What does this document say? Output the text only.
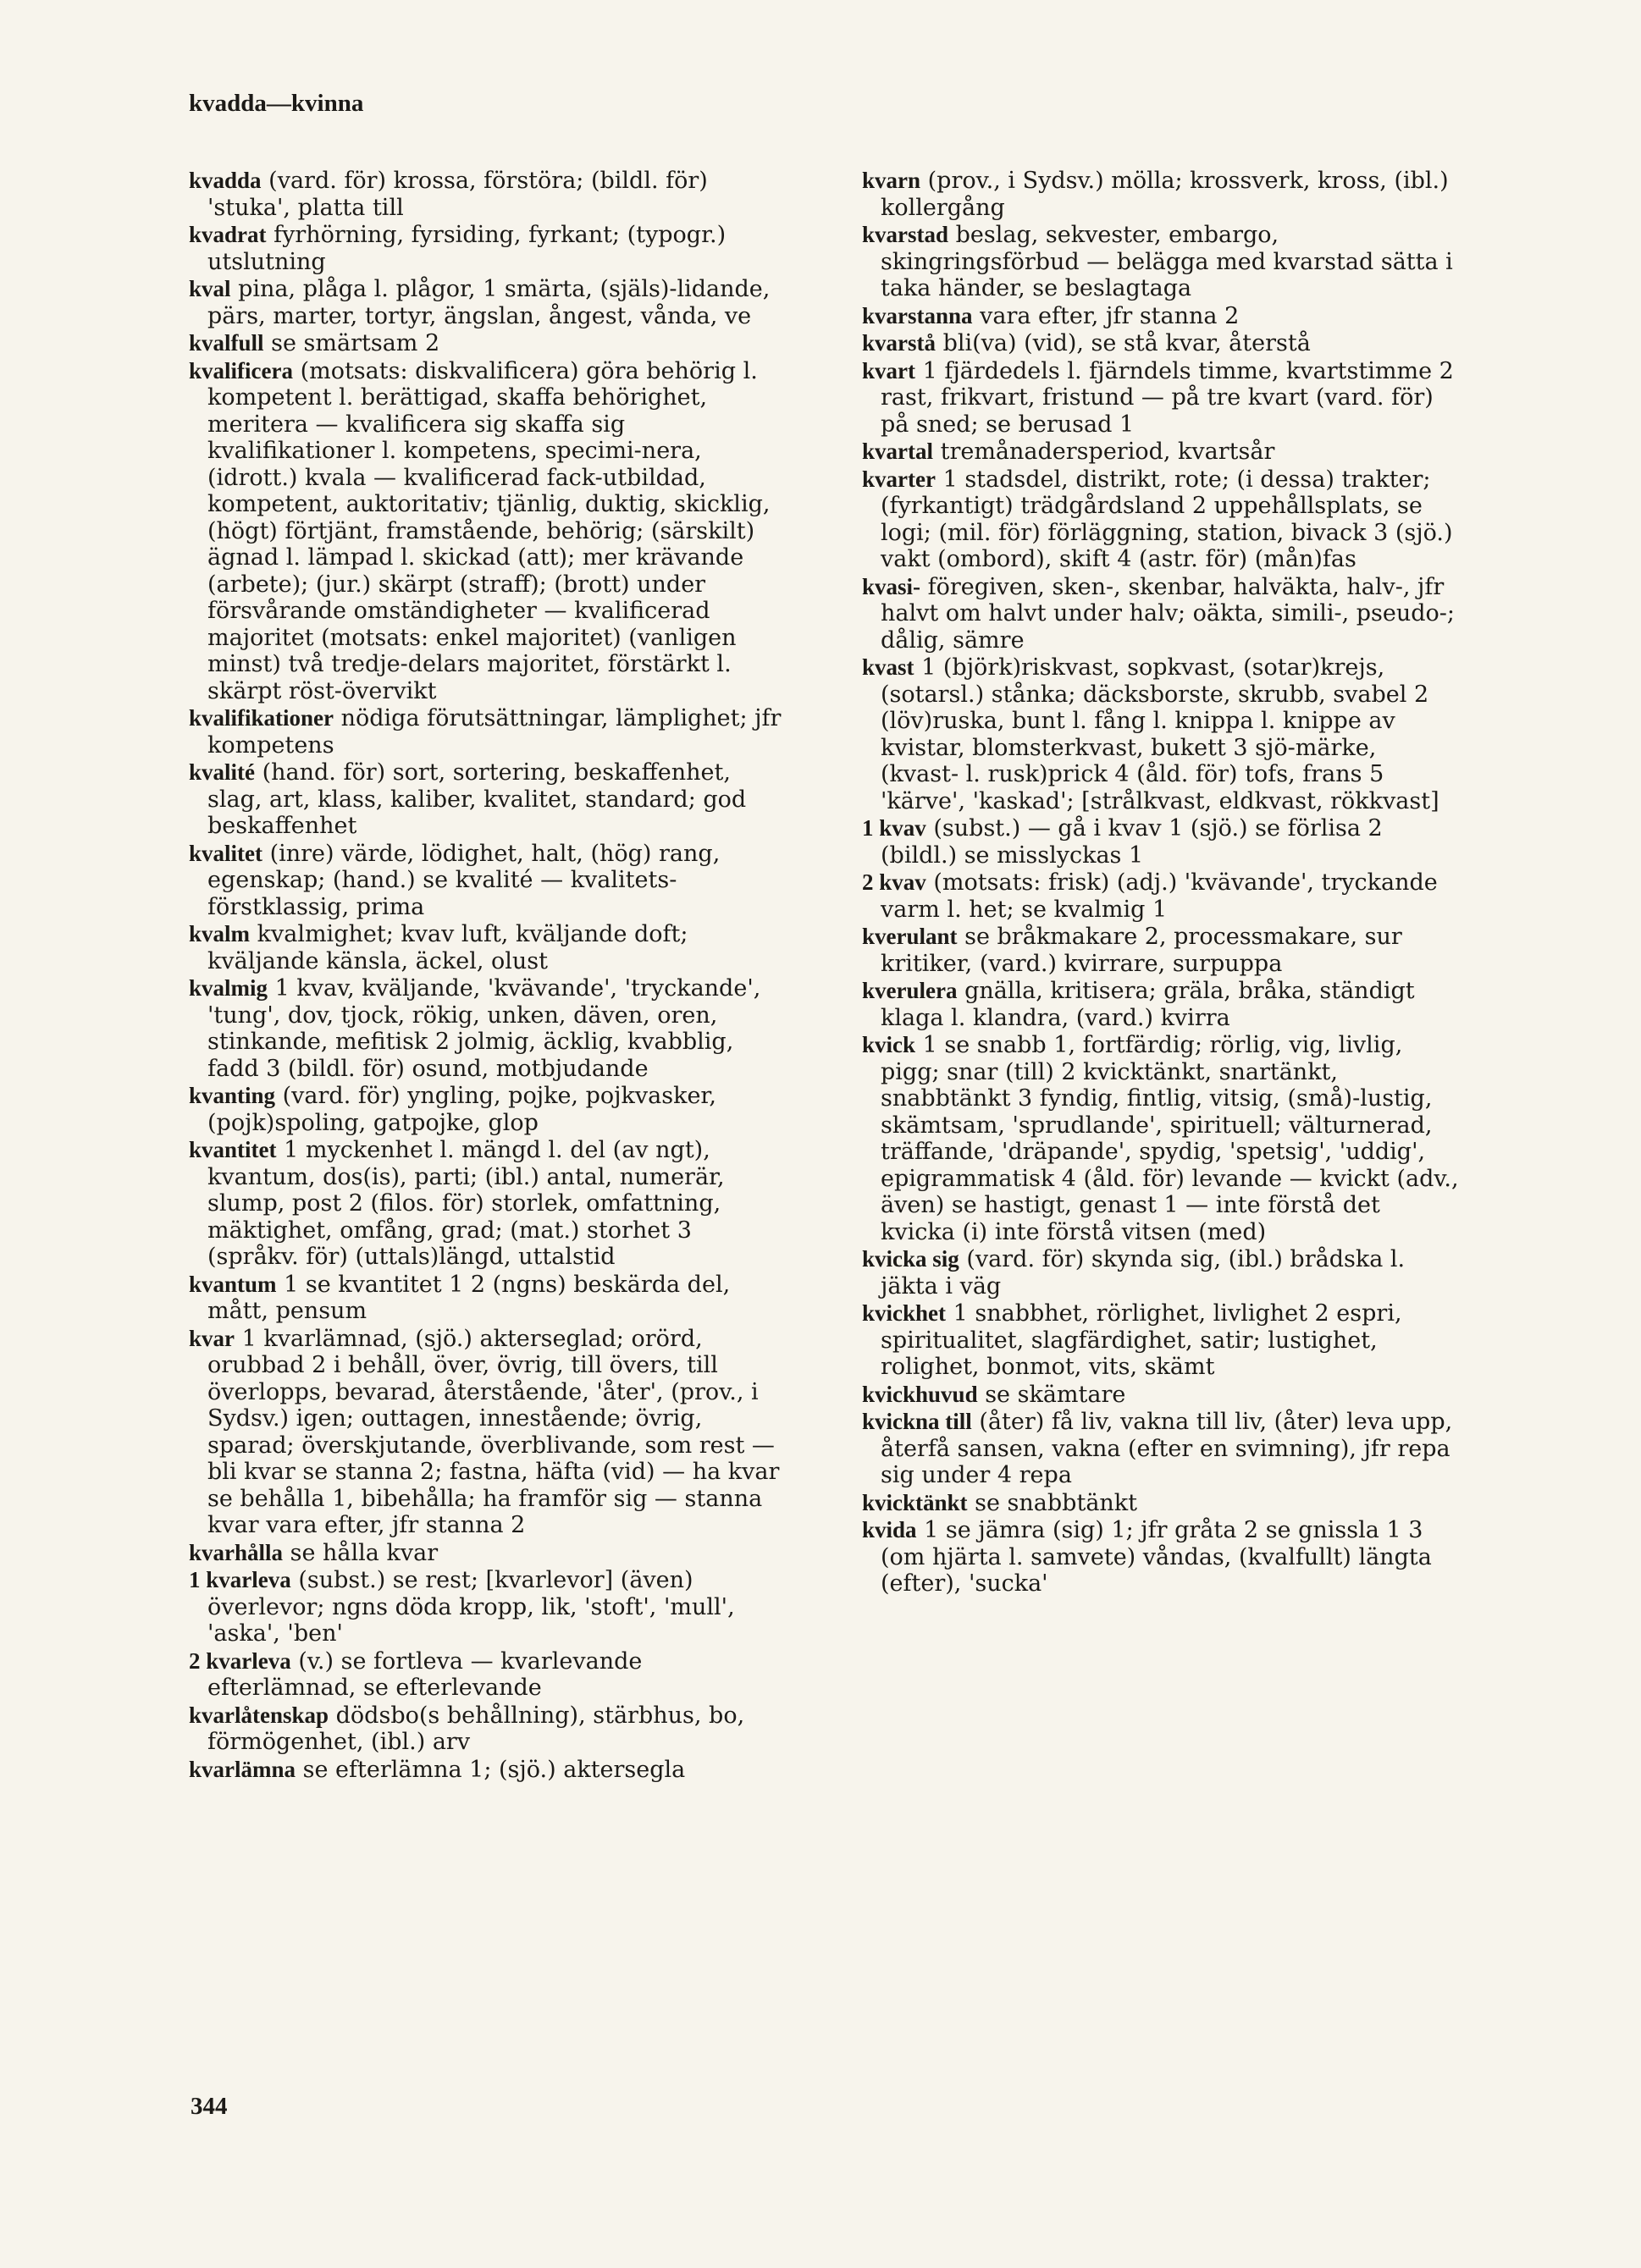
kvadda—kvinna

kvadda (vard. för) krossa, förstöra; (bildl. för) 'stuka', platta till

kvadrat fyrhörning, fyrsiding, fyrkant; (typogr.) utslutning

kval pina, plåga l. plågor, 1 smärta, (själs)-lidande, pärs, marter, tortyr, ängslan, ångest, vånda, ve

kvalfull se smärtsam 2

kvalificera (motsats: diskvalificera) göra behörig l. kompetent l. berättigad, skaffa behörighet, meritera — kvalificera sig skaffa sig kvalifikationer l. kompetens, specimi-nera, (idrott.) kvala — kvalificerad fack-utbildad, kompetent, auktoritativ; tjänlig, duktig, skicklig, (högt) förtjänt, framstående, behörig; (särskilt) ägnad l. lämpad l. skickad (att); mer krävande (arbete); (jur.) skärpt (straff); (brott) under försvårande omständigheter — kvalificerad majoritet (motsats: enkel majoritet) (vanligen minst) två tredje-delars majoritet, förstärkt l. skärpt röst-övervikt

kvalifikationer nödiga förutsättningar, lämplighet; jfr kompetens

kvalité (hand. för) sort, sortering, beskaffenhet, slag, art, klass, kaliber, kvalitet, standard; god beskaffenhet

kvalitet (inre) värde, lödighet, halt, (hög) rang, egenskap; (hand.) se kvalité — kvalitets-förstklassig, prima

kvalm kvalmighet; kvav luft, kväljande doft; kväljande känsla, äckel, olust

kvalmig 1 kvav, kväljande, 'kvävande', 'tryckande', 'tung', dov, tjock, rökig, unken, däven, oren, stinkande, mefitisk 2 jolmig, äcklig, kvabblig, fadd 3 (bildl. för) osund, motbjudande

kvanting (vard. för) yngling, pojke, pojkvasker, (pojk)spoling, gatpojke, glop

kvantitet 1 myckenhet l. mängd l. del (av ngt), kvantum, dos(is), parti; (ibl.) antal, numerär, slump, post 2 (filos. för) storlek, omfattning, mäktighet, omfång, grad; (mat.) storhet 3 (språkv. för) (uttals)längd, uttalstid

kvantum 1 se kvantitet 1 2 (ngns) beskärda del, mått, pensum

kvar 1 kvarlämnad, (sjö.) akterseglad; orörd, orubbad 2 i behåll, över, övrig, till övers, till överlopps, bevarad, återstående, 'åter', (prov., i Sydsv.) igen; outtagen, innestående; övrig, sparad; överskjutande, överblivande, som rest — bli kvar se stanna 2; fastna, häfta (vid) — ha kvar se behålla 1, bibehålla; ha framför sig — stanna kvar vara efter, jfr stanna 2

kvarhålla se hålla kvar

1 kvarleva (subst.) se rest; [kvarlevor] (även) överlevor; ngns döda kropp, lik, 'stoft', 'mull', 'aska', 'ben'

2 kvarleva (v.) se fortleva — kvarlevande efterlämnad, se efterlevande

kvarlåtenskap dödsbo(s behållning), stärbhus, bo, förmögenhet, (ibl.) arv

kvarlämna se efterlämna 1; (sjö.) aktersegla

kvarn (prov., i Sydsv.) mölla; krossverk, kross, (ibl.) kollergång

kvarstad beslag, sekvester, embargo, skingringsförbud — belägga med kvarstad sätta i taka händer, se beslagtaga

kvarstanna vara efter, jfr stanna 2

kvarstå bli(va) (vid), se stå kvar, återstå

kvart 1 fjärdedels l. fjärndels timme, kvartstimme 2 rast, frikvart, fristund — på tre kvart (vard. för) på sned; se berusad 1

kvartal tremånadersperiod, kvartsår

kvarter 1 stadsdel, distrikt, rote; (i dessa) trakter; (fyrkantigt) trädgårdsland 2 uppehållsplats, se logi; (mil. för) förläggning, station, bivack 3 (sjö.) vakt (ombord), skift 4 (astr. för) (mån)fas

kvasi- föregiven, sken-, skenbar, halväkta, halv-, jfr halvt om halvt under halv; oäkta, simili-, pseudo-; dålig, sämre

kvast 1 (björk)riskvast, sopkvast, (sotar)krejs, (sotarsl.) stånka; däcksborste, skrubb, svabel 2 (löv)ruska, bunt l. fång l. knippa l. knippe av kvistar, blomsterkvast, bukett 3 sjö-märke, (kvast- l. rusk)prick 4 (åld. för) tofs, frans 5 'kärve', 'kaskad'; [strålkvast, eldkvast, rökkvast]

1 kvav (subst.) — gå i kvav 1 (sjö.) se förlisa 2 (bildl.) se misslyckas 1

2 kvav (motsats: frisk) (adj.) 'kvävande', tryckande varm l. het; se kvalmig 1

kverulant se bråkmakare 2, processmakare, sur kritiker, (vard.) kvirrare, surpuppa

kverulera gnälla, kritisera; gräla, bråka, ständigt klaga l. klandra, (vard.) kvirra

kvick 1 se snabb 1, fortfärdig; rörlig, vig, livlig, pigg; snar (till) 2 kvicktänkt, snartänkt, snabbtänkt 3 fyndig, fintlig, vitsig, (små)-lustig, skämtsam, 'sprudlande', spirituell; välturnerad, träffande, 'dräpande', spydig, 'spetsig', 'uddig', epigrammatisk 4 (åld. för) levande — kvickt (adv., även) se hastigt, genast 1 — inte förstå det kvicka (i) inte förstå vitsen (med)

kvicka sig (vard. för) skynda sig, (ibl.) brådska l. jäkta i väg

kvickhet 1 snabbhet, rörlighet, livlighet 2 espri, spiritualitet, slagfärdighet, satir; lustighet, rolighet, bonmot, vits, skämt

kvickhuvud se skämtare

kvickna till (åter) få liv, vakna till liv, (åter) leva upp, återfå sansen, vakna (efter en svimning), jfr repa sig under 4 repa

kvicktänkt se snabbtänkt

kvida 1 se jämra (sig) 1; jfr gråta 2 se gnissla 1 3 (om hjärta l. samvete) våndas, (kvalfullt) längta (efter), 'sucka'

344
